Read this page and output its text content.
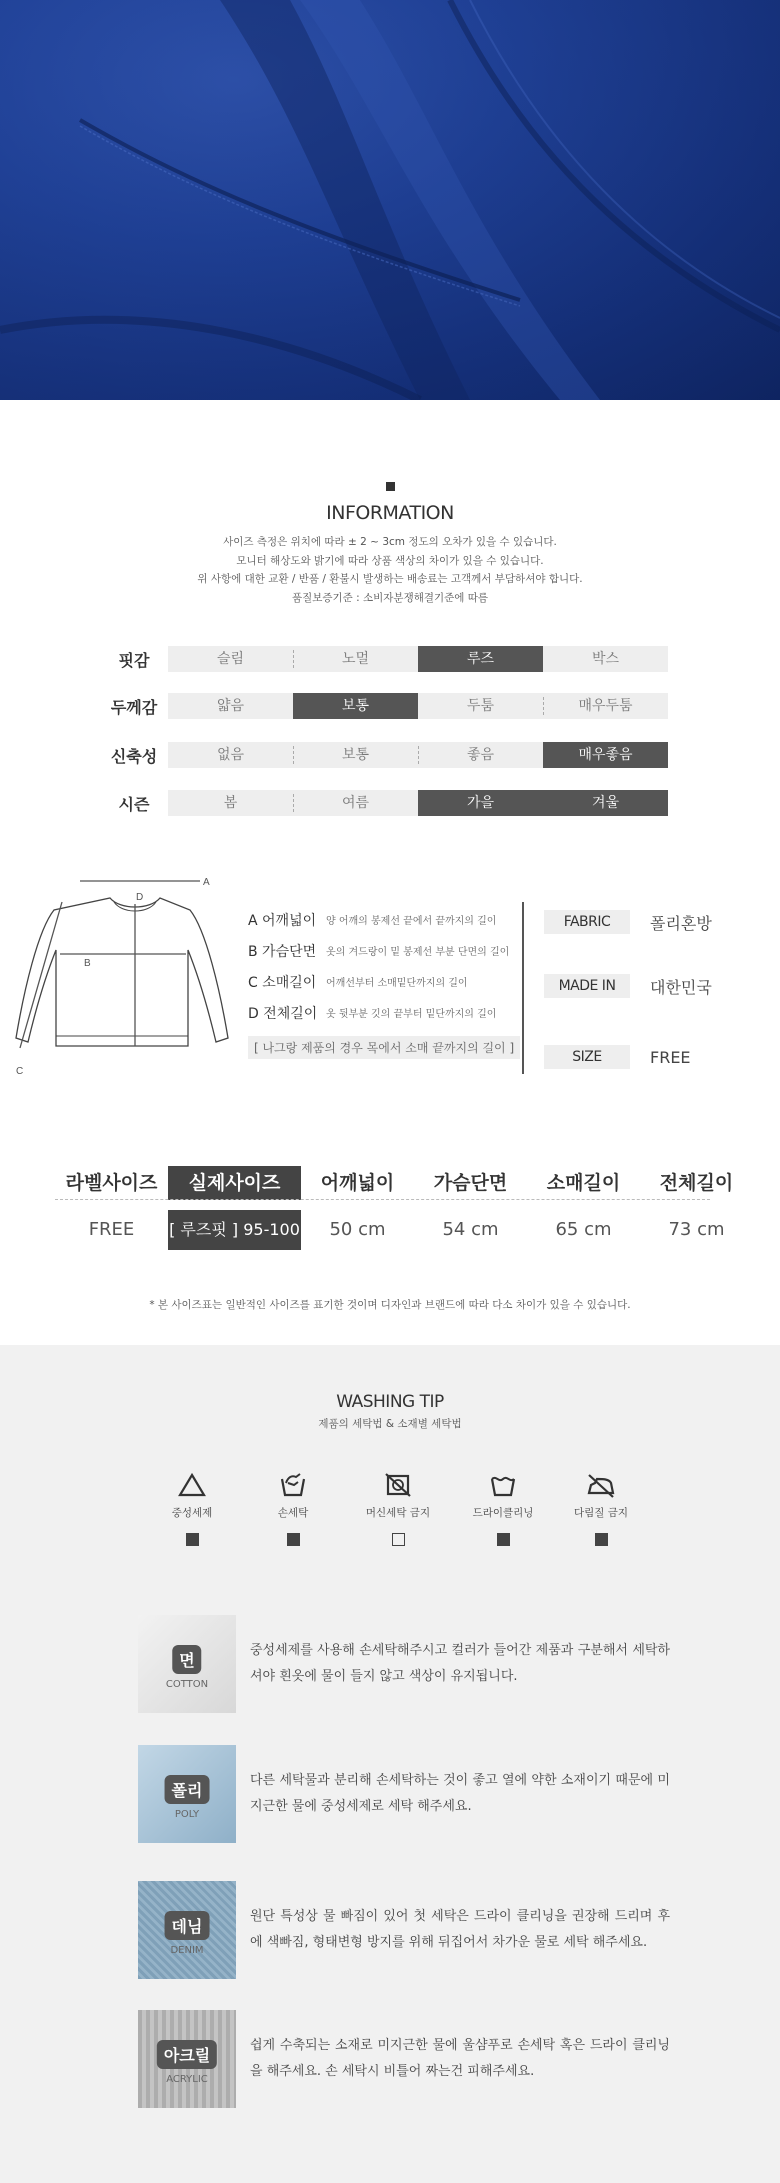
INFORMATION
사이즈 측정은 위치에 따라 ± 2 ~ 3cm 정도의 오차가 있을 수 있습니다.
모니터 해상도와 밝기에 따라 상품 색상의 차이가 있을 수 있습니다.
위 사항에 대한 교환 / 반품 / 환불시 발생하는 배송료는 고객께서 부담하셔야 합니다.
품질보증기준 : 소비자분쟁해결기준에 따름
핏감	슬림	노멀	루즈	박스
두께감	얇음	보통	두툼	매우두툼
신축성	없음	보통	좋음	매우좋음
시즌	봄	여름	가을	겨울
A
D
B
C
A 어깨넓이 양 어깨의 봉제선 끝에서 끝까지의 길이
B 가슴단면 옷의 겨드랑이 밑 봉제선 부분 단면의 길이
C 소매길이 어깨선부터 소매밑단까지의 길이
D 전체길이 옷 뒷부분 깃의 끝부터 밑단까지의 길이
[ 나그랑 제품의 경우 목에서 소매 끝까지의 길이 ]
FABRIC	폴리혼방
MADE IN	대한민국
SIZE	FREE
라벨사이즈	실제사이즈	어깨넓이	가슴단면	소매길이	전체길이
FREE	[ 루즈핏 ] 95-100	50 cm	54 cm	65 cm	73 cm
* 본 사이즈표는 일반적인 사이즈를 표기한 것이며 디자인과 브랜드에 따라 다소 차이가 있을 수 있습니다.
WASHING TIP
제품의 세탁법 & 소재별 세탁법
중성세제	손세탁	머신세탁 금지	드라이클리닝	다림질 금지
면
COTTON
중성세제를 사용해 손세탁해주시고 컬러가 들어간 제품과 구분해서 세탁하셔야 흰옷에 물이 들지 않고 색상이 유지됩니다.
폴리
POLY
다른 세탁물과 분리해 손세탁하는 것이 좋고 열에 약한 소재이기 때문에 미지근한 물에 중성세제로 세탁 해주세요.
데님
DENIM
원단 특성상 물 빠짐이 있어 첫 세탁은 드라이 클리닝을 권장해 드리며 후에 색빠짐, 형태변형 방지를 위해 뒤집어서 차가운 물로 세탁 해주세요.
아크릴
ACRYLIC
쉽게 수축되는 소재로 미지근한 물에 울샴푸로 손세탁 혹은 드라이 클리닝을 해주세요. 손 세탁시 비틀어 짜는건 피해주세요.
